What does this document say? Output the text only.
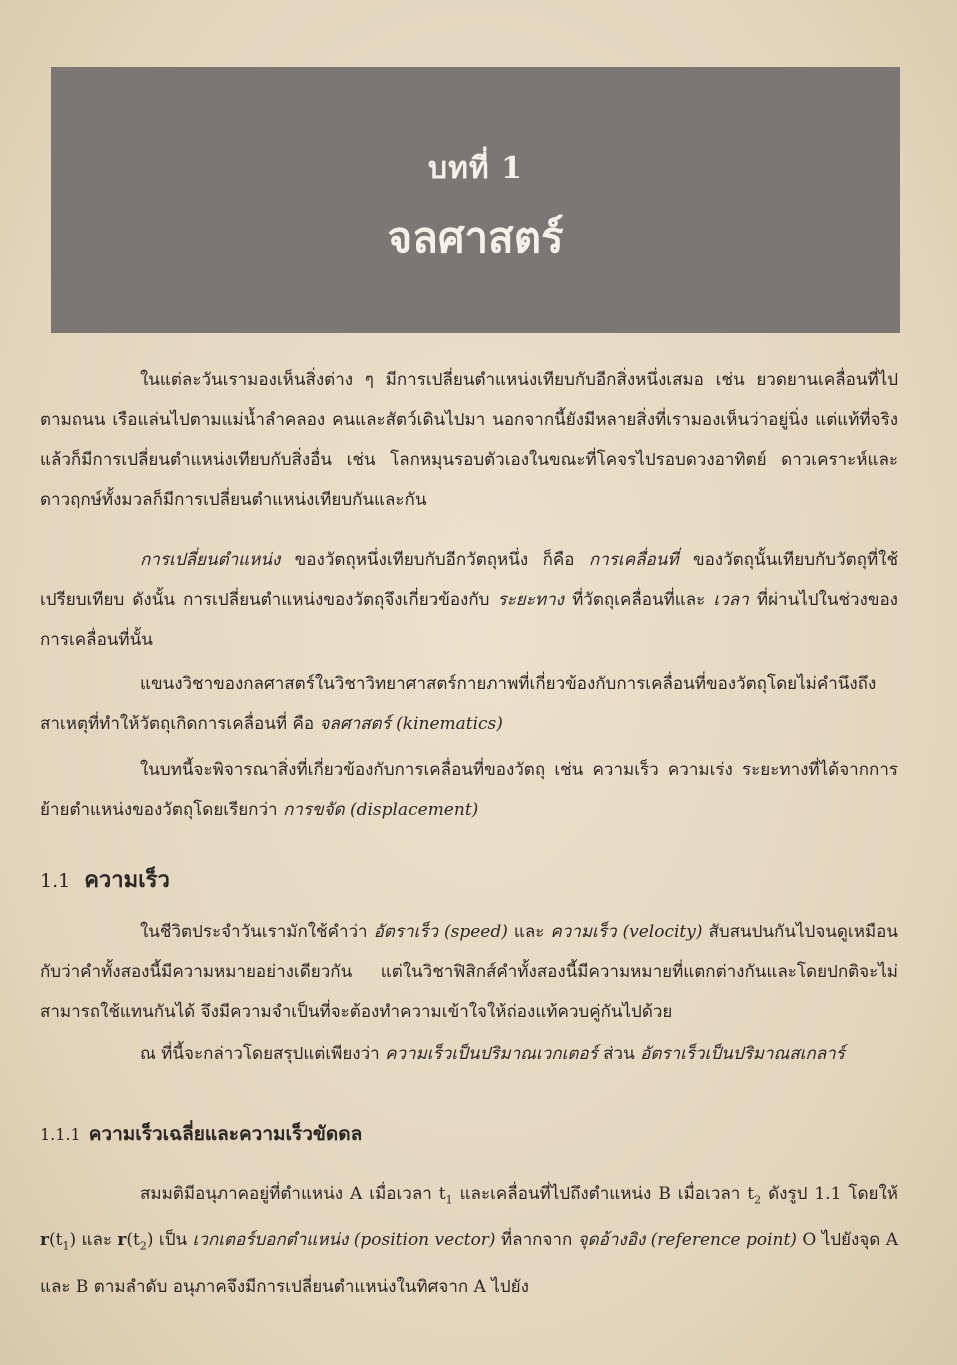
บทที่ 1
จลศาสตร์

ในแต่ละวันเรามองเห็นสิ่งต่าง ๆ มีการเปลี่ยนตำแหน่งเทียบกับอีกสิ่งหนึ่งเสมอ เช่น ยวดยานเคลื่อนที่ไปตามถนน เรือแล่นไปตามแม่น้ำลำคลอง คนและสัตว์เดินไปมา นอกจากนี้ยังมีหลายสิ่งที่เรามองเห็นว่าอยู่นิ่ง แต่แท้ที่จริงแล้วก็มีการเปลี่ยนตำแหน่งเทียบกับสิ่งอื่น เช่น โลกหมุนรอบตัวเองในขณะที่โคจรไปรอบดวงอาทิตย์ ดาวเคราะห์และดาวฤกษ์ทั้งมวลก็มีการเปลี่ยนตำแหน่งเทียบกันและกัน

การเปลี่ยนตำแหน่ง ของวัตถุหนึ่งเทียบกับอีกวัตถุหนึ่ง ก็คือ การเคลื่อนที่ ของวัตถุนั้นเทียบกับวัตถุที่ใช้เปรียบเทียบ ดังนั้น การเปลี่ยนตำแหน่งของวัตถุจึงเกี่ยวข้องกับ ระยะทาง ที่วัตถุเคลื่อนที่และ เวลา ที่ผ่านไปในช่วงของการเคลื่อนที่นั้น

แขนงวิชาของกลศาสตร์ในวิชาวิทยาศาสตร์กายภาพที่เกี่ยวข้องกับการเคลื่อนที่ของวัตถุโดยไม่คำนึงถึงสาเหตุที่ทำให้วัตถุเกิดการเคลื่อนที่ คือ จลศาสตร์ (kinematics)

ในบทนี้จะพิจารณาสิ่งที่เกี่ยวข้องกับการเคลื่อนที่ของวัตถุ เช่น ความเร็ว ความเร่ง ระยะทางที่ได้จากการย้ายตำแหน่งของวัตถุโดยเรียกว่า การขจัด (displacement)

1.1 ความเร็ว

ในชีวิตประจำวันเรามักใช้คำว่า อัตราเร็ว (speed) และ ความเร็ว (velocity) สับสนปนกันไปจนดูเหมือนกับว่าคำทั้งสองนี้มีความหมายอย่างเดียวกัน แต่ในวิชาฟิสิกส์คำทั้งสองนี้มีความหมายที่แตกต่างกันและโดยปกติจะไม่สามารถใช้แทนกันได้ จึงมีความจำเป็นที่จะต้องทำความเข้าใจให้ถ่องแท้ควบคู่กันไปด้วย

ณ ที่นี้จะกล่าวโดยสรุปแต่เพียงว่า ความเร็วเป็นปริมาณเวกเตอร์ ส่วน อัตราเร็วเป็นปริมาณสเกลาร์

1.1.1 ความเร็วเฉลี่ยและความเร็วขัดดล

สมมติมีอนุภาคอยู่ที่ตำแหน่ง A เมื่อเวลา $t_1$ และเคลื่อนที่ไปถึงตำแหน่ง B เมื่อเวลา $t_2$ ดังรูป 1.1 โดยให้ $r(t_1)$ และ $r(t_2)$ เป็น เวกเตอร์บอกตำแหน่ง (position vector) ที่ลากจาก จุดอ้างอิง (reference point) O ไปยังจุด A และ B ตามลำดับ อนุภาคจึงมีการเปลี่ยนตำแหน่งในทิศจาก A ไปยัง
